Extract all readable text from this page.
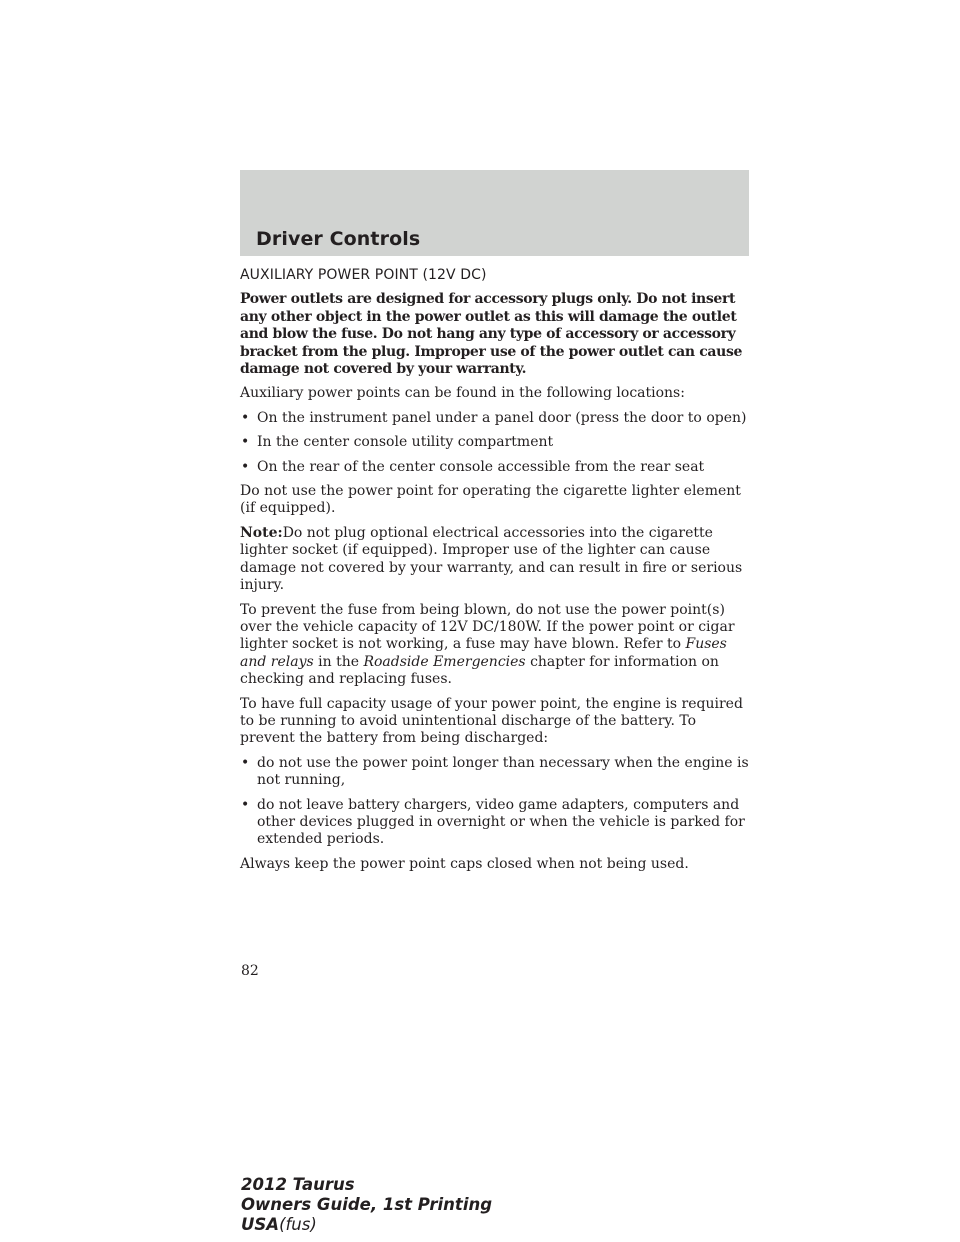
Driver Controls
AUXILIARY POWER POINT (12V DC)

Power outlets are designed for accessory plugs only. Do not insert any other object in the power outlet as this will damage the outlet and blow the fuse. Do not hang any type of accessory or accessory bracket from the plug. Improper use of the power outlet can cause damage not covered by your warranty.

Auxiliary power points can be found in the following locations:

• On the instrument panel under a panel door (press the door to open)
• In the center console utility compartment
• On the rear of the center console accessible from the rear seat

Do not use the power point for operating the cigarette lighter element (if equipped).

Note:Do not plug optional electrical accessories into the cigarette lighter socket (if equipped). Improper use of the lighter can cause damage not covered by your warranty, and can result in fire or serious injury.

To prevent the fuse from being blown, do not use the power point(s) over the vehicle capacity of 12V DC/180W. If the power point or cigar lighter socket is not working, a fuse may have blown. Refer to Fuses and relays in the Roadside Emergencies chapter for information on checking and replacing fuses.

To have full capacity usage of your power point, the engine is required to be running to avoid unintentional discharge of the battery. To prevent the battery from being discharged:

• do not use the power point longer than necessary when the engine is not running,
• do not leave battery chargers, video game adapters, computers and other devices plugged in overnight or when the vehicle is parked for extended periods.

Always keep the power point caps closed when not being used.

82
2012 Taurus
Owners Guide, 1st Printing
USA(fus)
